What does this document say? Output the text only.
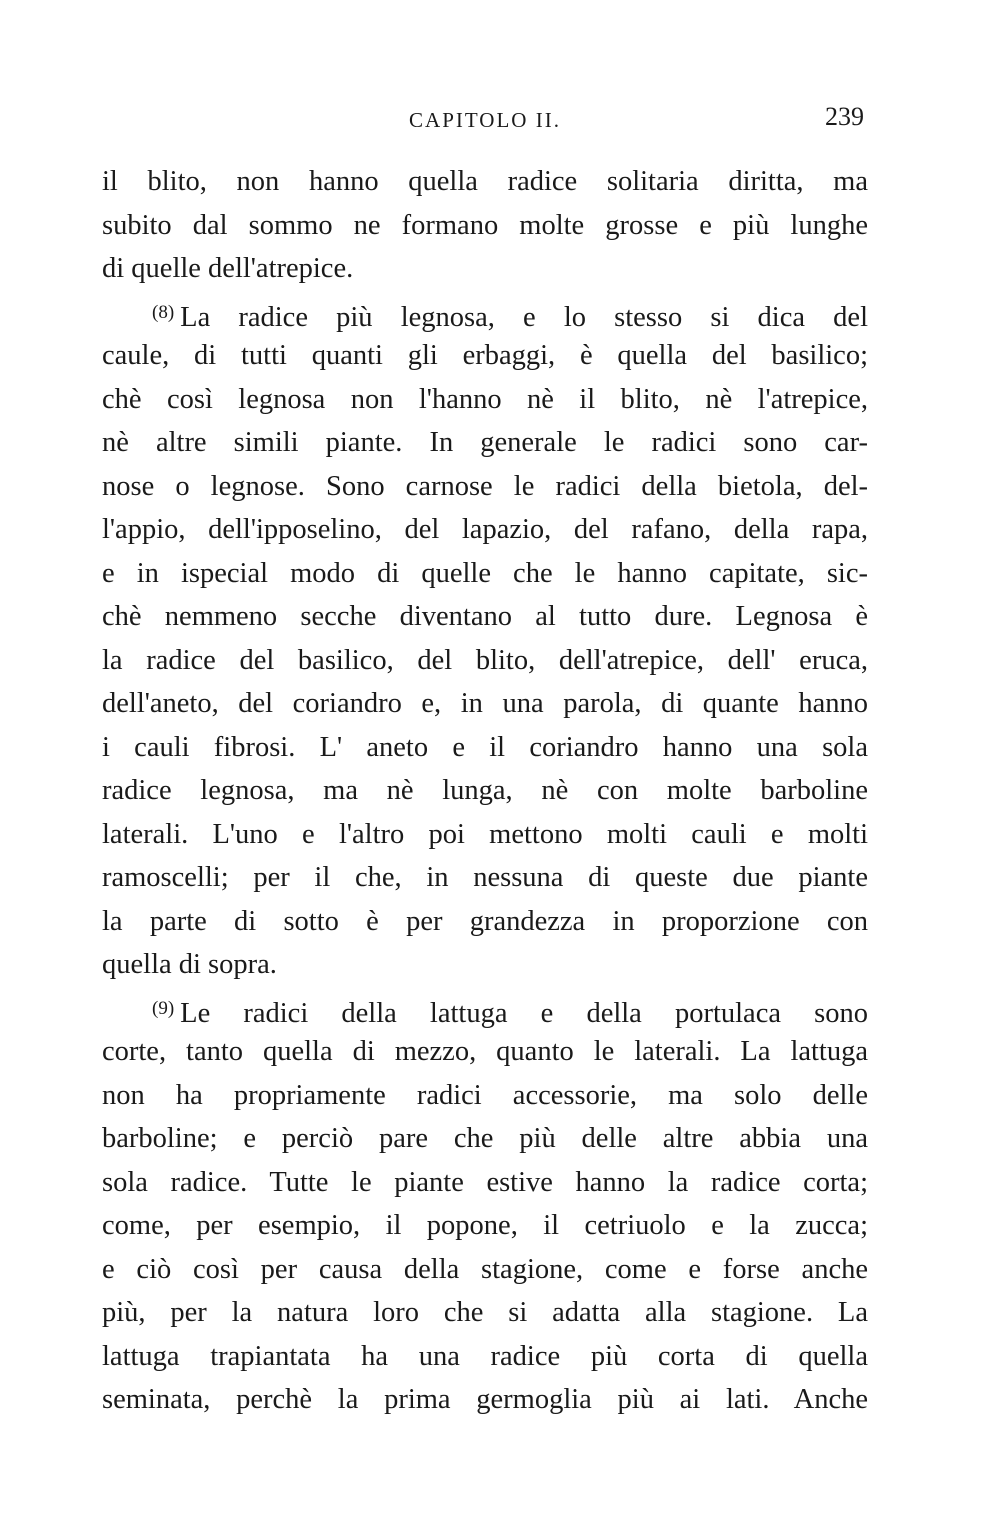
CAPITOLO II.	239
il blito, non hanno quella radice solitaria diritta, ma
subito dal sommo ne formano molte grosse e più lunghe
di quelle dell'atrepice.
$^{(8)}$ La radice più legnosa, e lo stesso si dica del
caule, di tutti quanti gli erbaggi, è quella del basilico;
chè così legnosa non l'hanno nè il blito, nè l'atrepice,
nè altre simili piante. In generale le radici sono car-
nose o legnose. Sono carnose le radici della bietola, del-
l'appio, dell'ipposelino, del lapazio, del rafano, della rapa,
e in ispecial modo di quelle che le hanno capitate, sic-
chè nemmeno secche diventano al tutto dure. Legnosa è
la radice del basilico, del blito, dell'atrepice, dell' eruca,
dell'aneto, del coriandro e, in una parola, di quante hanno
i cauli fibrosi. L' aneto e il coriandro hanno una sola
radice legnosa, ma nè lunga, nè con molte barboline
laterali. L'uno e l'altro poi mettono molti cauli e molti
ramoscelli; per il che, in nessuna di queste due piante
la parte di sotto è per grandezza in proporzione con
quella di sopra.
$^{(9)}$ Le radici della lattuga e della portulaca sono
corte, tanto quella di mezzo, quanto le laterali. La lattuga
non ha propriamente radici accessorie, ma solo delle
barboline; e perciò pare che più delle altre abbia una
sola radice. Tutte le piante estive hanno la radice corta;
come, per esempio, il popone, il cetriuolo e la zucca;
e ciò così per causa della stagione, come e forse anche
più, per la natura loro che si adatta alla stagione. La
lattuga trapiantata ha una radice più corta di quella
seminata, perchè la prima germoglia più ai lati. Anche
